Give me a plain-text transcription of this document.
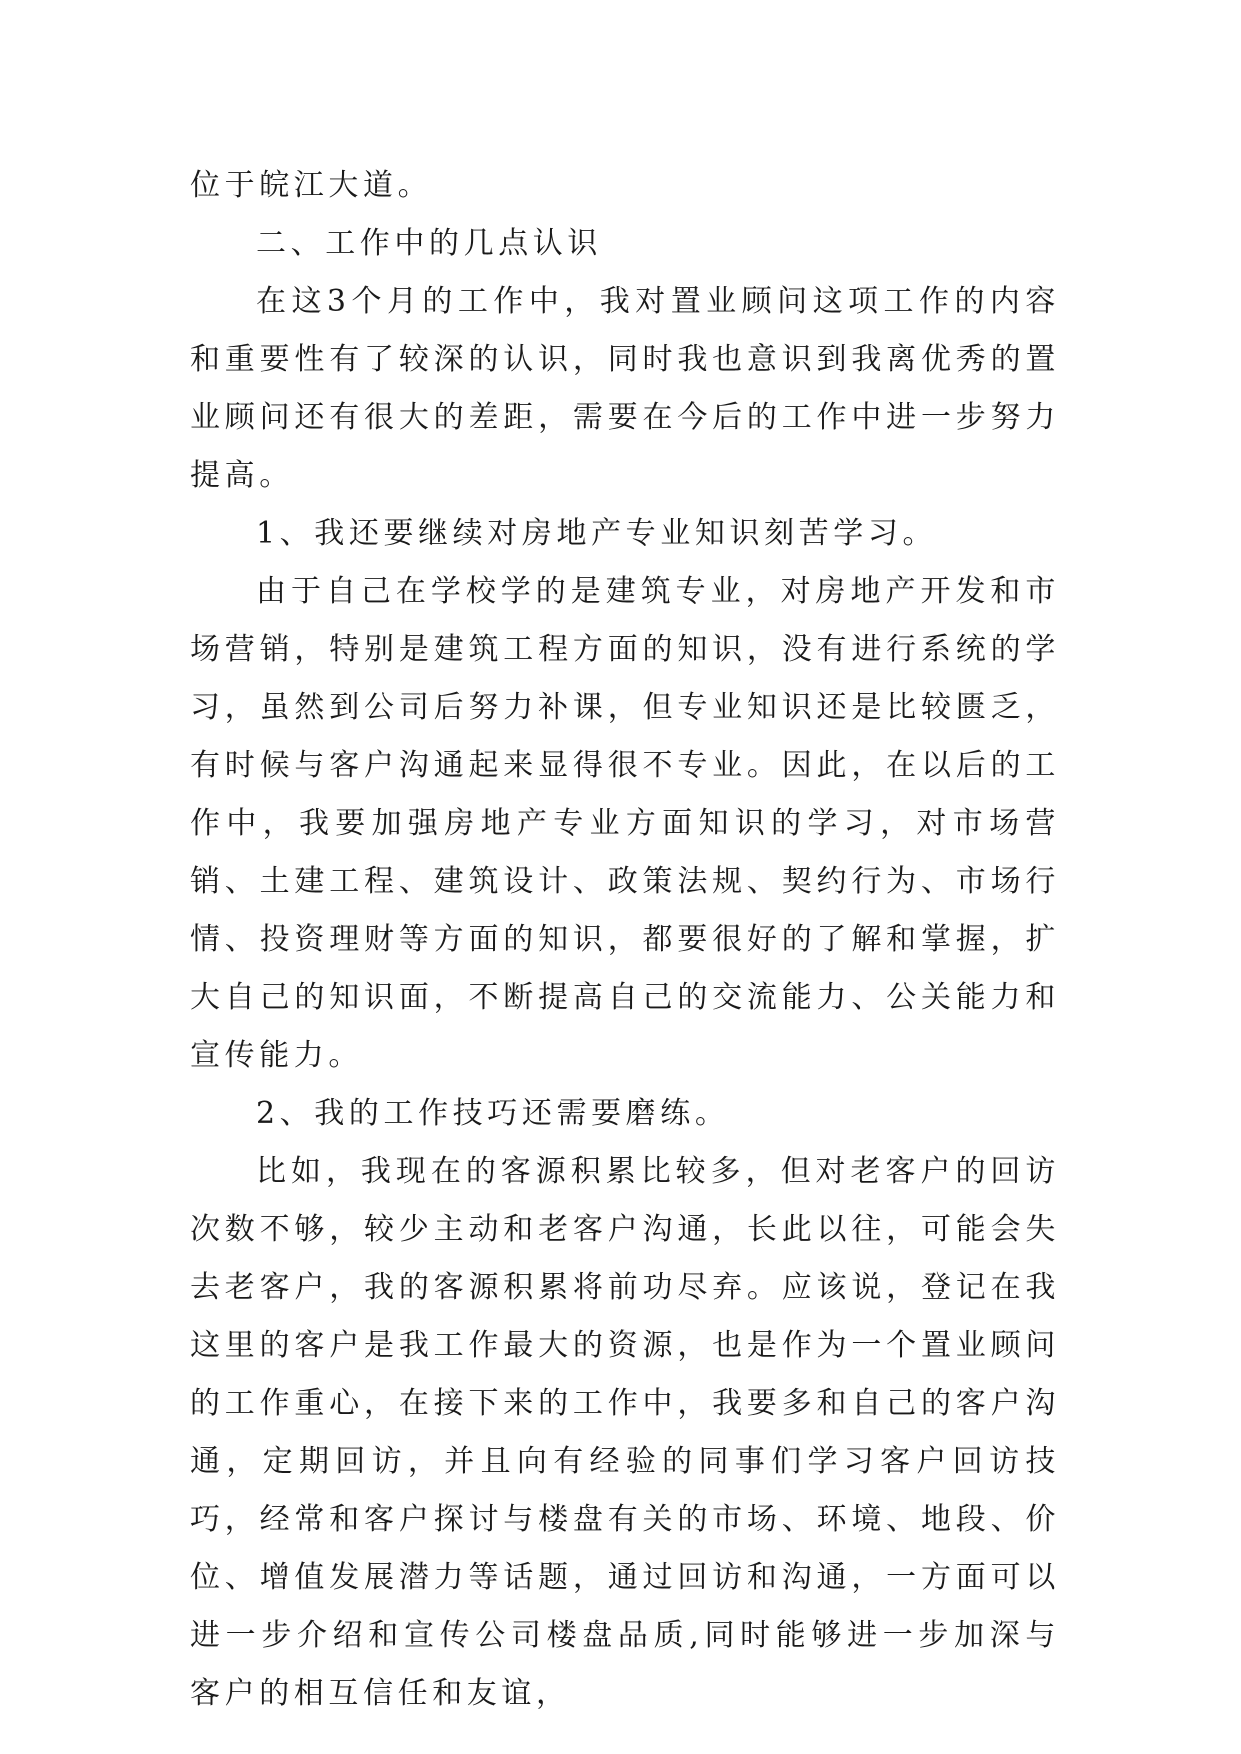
位于皖江大道。

二、工作中的几点认识

在这3个月的工作中，我对置业顾问这项工作的内容和重要性有了较深的认识，同时我也意识到我离优秀的置业顾问还有很大的差距，需要在今后的工作中进一步努力提高。

1、我还要继续对房地产专业知识刻苦学习。

由于自己在学校学的是建筑专业，对房地产开发和市场营销，特别是建筑工程方面的知识，没有进行系统的学习，虽然到公司后努力补课，但专业知识还是比较匮乏，有时候与客户沟通起来显得很不专业。因此，在以后的工作中，我要加强房地产专业方面知识的学习，对市场营销、土建工程、建筑设计、政策法规、契约行为、市场行情、投资理财等方面的知识，都要很好的了解和掌握，扩大自己的知识面，不断提高自己的交流能力、公关能力和宣传能力。

2、我的工作技巧还需要磨练。

比如，我现在的客源积累比较多，但对老客户的回访次数不够，较少主动和老客户沟通，长此以往，可能会失去老客户，我的客源积累将前功尽弃。应该说，登记在我这里的客户是我工作最大的资源，也是作为一个置业顾问的工作重心，在接下来的工作中，我要多和自己的客户沟通，定期回访，并且向有经验的同事们学习客户回访技巧，经常和客户探讨与楼盘有关的市场、环境、地段、价位、增值发展潜力等话题，通过回访和沟通，一方面可以进一步介绍和宣传公司楼盘品质,同时能够进一步加深与客户的相互信任和友谊，
